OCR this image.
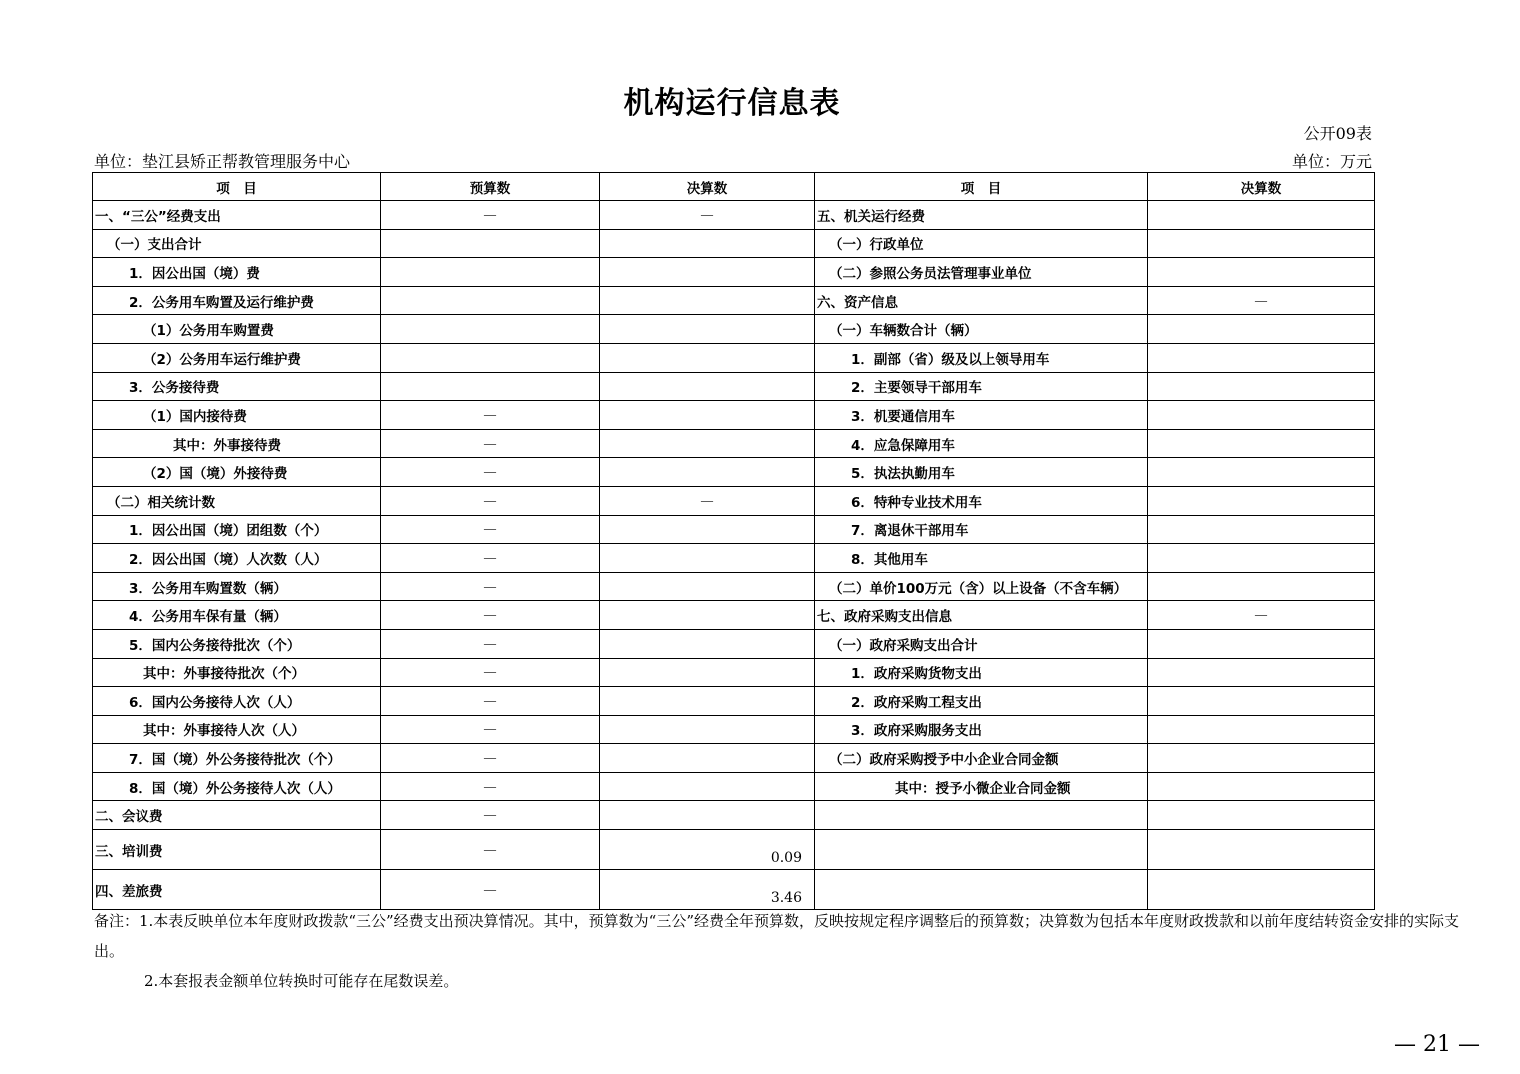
机构运行信息表
公开09表
单位：垫江县矫正帮教管理服务中心	单位：万元
项　目	预算数	决算数	项　目	决算数
一、“三公”经费支出	—	—	五、机关运行经费	
（一）支出合计			（一）行政单位	
1．因公出国（境）费			（二）参照公务员法管理事业单位	
2．公务用车购置及运行维护费			六、资产信息	—
（1）公务用车购置费			（一）车辆数合计（辆）	
（2）公务用车运行维护费			1．副部（省）级及以上领导用车	
3．公务接待费			2．主要领导干部用车	
（1）国内接待费	—		3．机要通信用车	
其中：外事接待费	—		4．应急保障用车	
（2）国（境）外接待费	—		5．执法执勤用车	
（二）相关统计数	—	—	6．特种专业技术用车	
1．因公出国（境）团组数（个）	—		7．离退休干部用车	
2．因公出国（境）人次数（人）	—		8．其他用车	
3．公务用车购置数（辆）	—		（二）单价100万元（含）以上设备（不含车辆）	
4．公务用车保有量（辆）	—		七、政府采购支出信息	—
5．国内公务接待批次（个）	—		（一）政府采购支出合计	
其中：外事接待批次（个）	—		1．政府采购货物支出	
6．国内公务接待人次（人）	—		2．政府采购工程支出	
其中：外事接待人次（人）	—		3．政府采购服务支出	
7．国（境）外公务接待批次（个）	—		（二）政府采购授予中小企业合同金额	
8．国（境）外公务接待人次（人）	—		其中：授予小微企业合同金额	
二、会议费	—			
三、培训费	—	0.09		
四、差旅费	—	3.46		

备注：1.本表反映单位本年度财政拨款“三公”经费支出预决算情况。其中，预算数为“三公”经费全年预算数，反映按规定程序调整后的预算数；决算数为包括本年度财政拨款和以前年度结转资金安排的实际支出。

2.本套报表金额单位转换时可能存在尾数误差。

— 21 —
